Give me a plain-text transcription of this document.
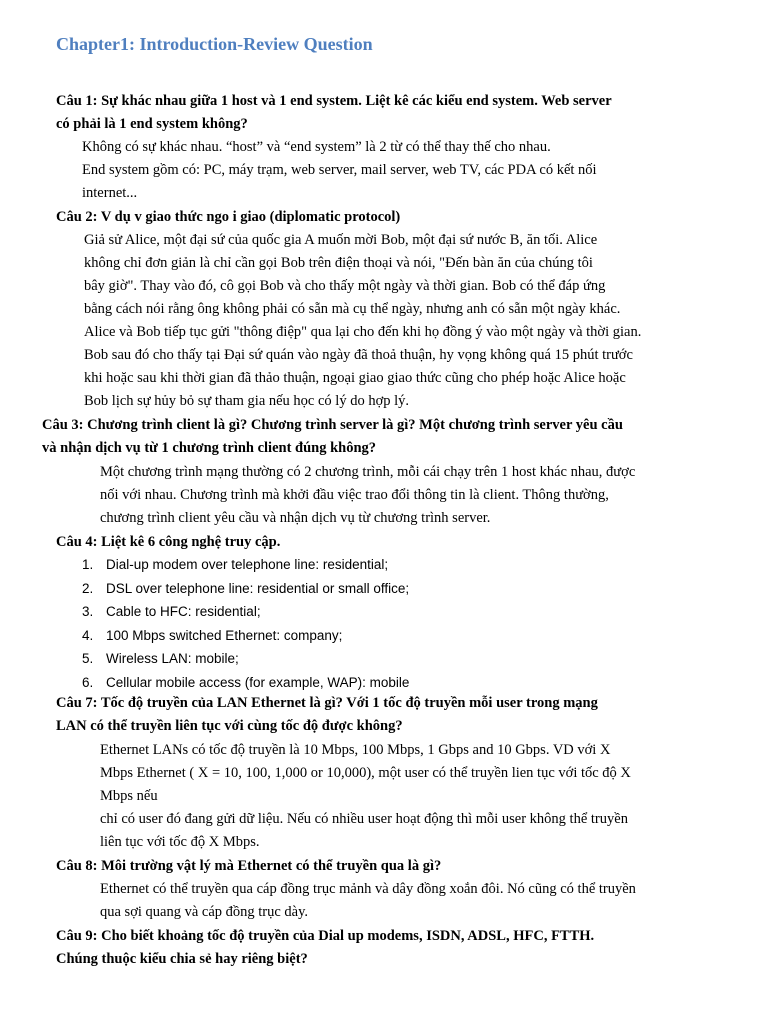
Chapter1: Introduction-Review Question
Câu 1: Sự khác nhau giữa 1 host và 1 end system. Liệt kê các kiểu end system. Web server
có phải là 1 end system không?
Không có sự khác nhau. “host” và “end system” là 2 từ có thể thay thế cho nhau.
End system gồm có: PC, máy trạm, web server, mail server, web TV, các PDA có kết nối
internet...
Câu 2: V dụ v giao thức ngo i giao (diplomatic protocol)
Giả sử Alice, một đại sứ của quốc gia A muốn mời Bob, một đại sứ nước B, ăn tối. Alice
không chỉ đơn giản là chỉ cần gọi Bob trên điện thoại và nói, "Đến bàn ăn của chúng tôi
bây giờ". Thay vào đó, cô gọi Bob và cho thấy một ngày và thời gian. Bob có thể đáp ứng
bằng cách nói rằng ông không phải có sẵn mà cụ thể ngày, nhưng anh có sẵn một ngày khác.
Alice và Bob tiếp tục gửi "thông điệp" qua lại cho đến khi họ đồng ý vào một ngày và thời gian.
Bob sau đó cho thấy tại Đại sứ quán vào ngày đã thoả thuận, hy vọng không quá 15 phút trước
khi hoặc sau khi thời gian đã thảo thuận, ngoại giao giao thức cũng cho phép hoặc Alice hoặc
Bob lịch sự hủy bỏ sự tham gia nếu học có lý do hợp lý.
Câu 3: Chương trình client là gì? Chương trình server là gì? Một chương trình server yêu cầu
và nhận dịch vụ từ 1 chương trình client đúng không?
Một chương trình mạng thường có 2 chương trình, mỗi cái chạy trên 1 host khác nhau, được
nối với nhau. Chương trình mà khởi đầu việc trao đổi thông tin là client. Thông thường,
chương trình client yêu cầu và nhận dịch vụ từ chương trình server.
Câu 4: Liệt kê 6 công nghệ truy cập.
1. Dial-up modem over telephone line: residential;
2. DSL over telephone line: residential or small office;
3. Cable to HFC: residential;
4. 100 Mbps switched Ethernet: company;
5. Wireless LAN: mobile;
6. Cellular mobile access (for example, WAP): mobile
Câu 7: Tốc độ truyền của LAN Ethernet là gì? Với 1 tốc độ truyền mỗi user trong mạng
LAN có thể truyền liên tục với cùng tốc độ được không?
Ethernet LANs có tốc độ truyền là 10 Mbps, 100 Mbps, 1 Gbps and 10 Gbps. VD với X
Mbps Ethernet ( X = 10, 100, 1,000 or 10,000), một user có thể truyền lien tục với tốc độ X
Mbps nếu
chỉ có user đó đang gửi dữ liệu. Nếu có nhiều user hoạt động thì mỗi user không thể truyền
liên tục với tốc độ X Mbps.
Câu 8: Môi trường vật lý mà Ethernet có thể truyền qua là gì?
Ethernet có thể truyền qua cáp đồng trục mảnh và dây đồng xoắn đôi. Nó cũng có thể truyền
qua sợi quang và cáp đồng trục dày.
Câu 9: Cho biết khoảng tốc độ truyền của Dial up modems, ISDN, ADSL, HFC, FTTH.
Chúng thuộc kiểu chia sẻ hay riêng biệt?
